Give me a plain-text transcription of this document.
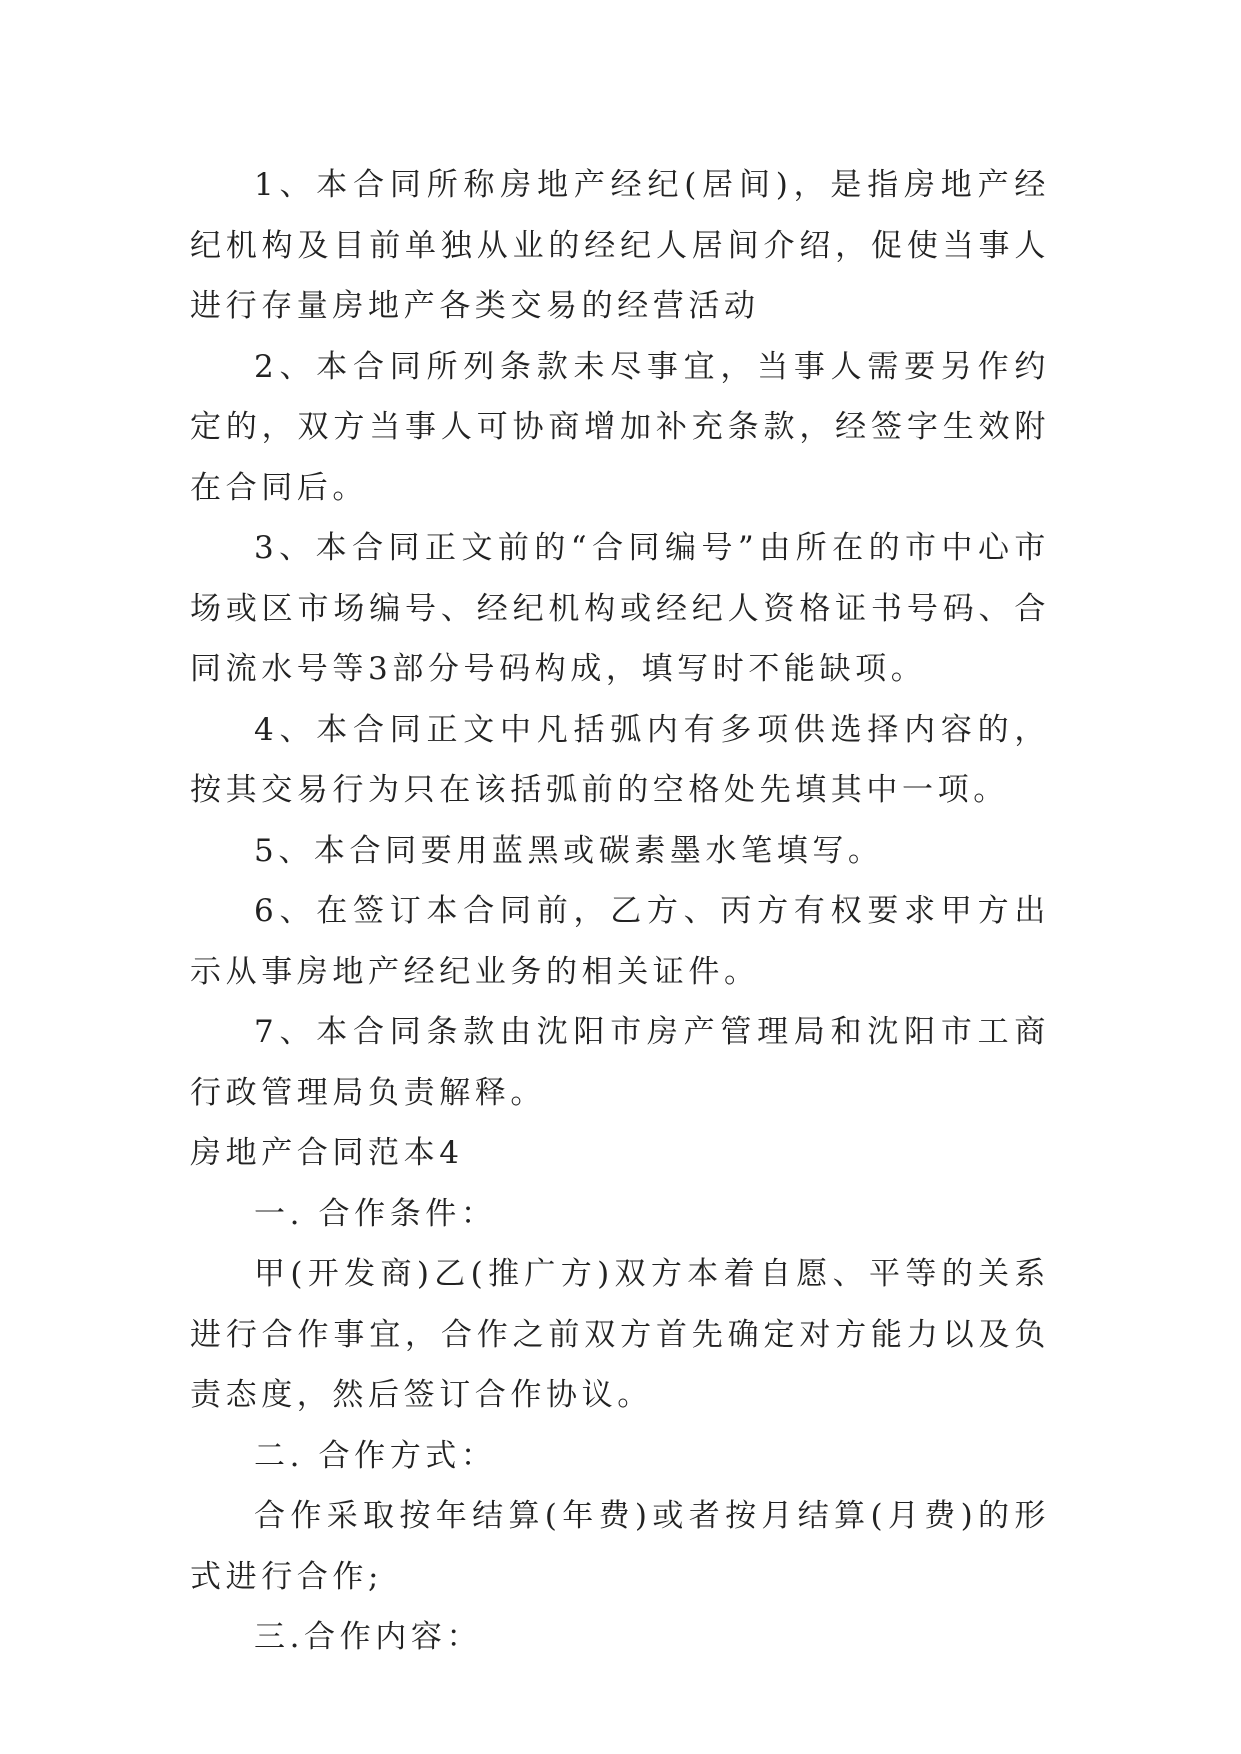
1、本合同所称房地产经纪(居间)，是指房地产经纪机构及目前单独从业的经纪人居间介绍，促使当事人进行存量房地产各类交易的经营活动

2、本合同所列条款未尽事宜，当事人需要另作约定的，双方当事人可协商增加补充条款，经签字生效附在合同后。

3、本合同正文前的“合同编号”由所在的市中心市场或区市场编号、经纪机构或经纪人资格证书号码、合同流水号等3部分号码构成，填写时不能缺项。

4、本合同正文中凡括弧内有多项供选择内容的，按其交易行为只在该括弧前的空格处先填其中一项。

5、本合同要用蓝黑或碳素墨水笔填写。

6、在签订本合同前，乙方、丙方有权要求甲方出示从事房地产经纪业务的相关证件。

7、本合同条款由沈阳市房产管理局和沈阳市工商行政管理局负责解释。

房地产合同范本4

一. 合作条件：

甲(开发商)乙(推广方)双方本着自愿、平等的关系进行合作事宜，合作之前双方首先确定对方能力以及负责态度，然后签订合作协议。

二. 合作方式：

合作采取按年结算(年费)或者按月结算(月费)的形式进行合作;

三.合作内容：
